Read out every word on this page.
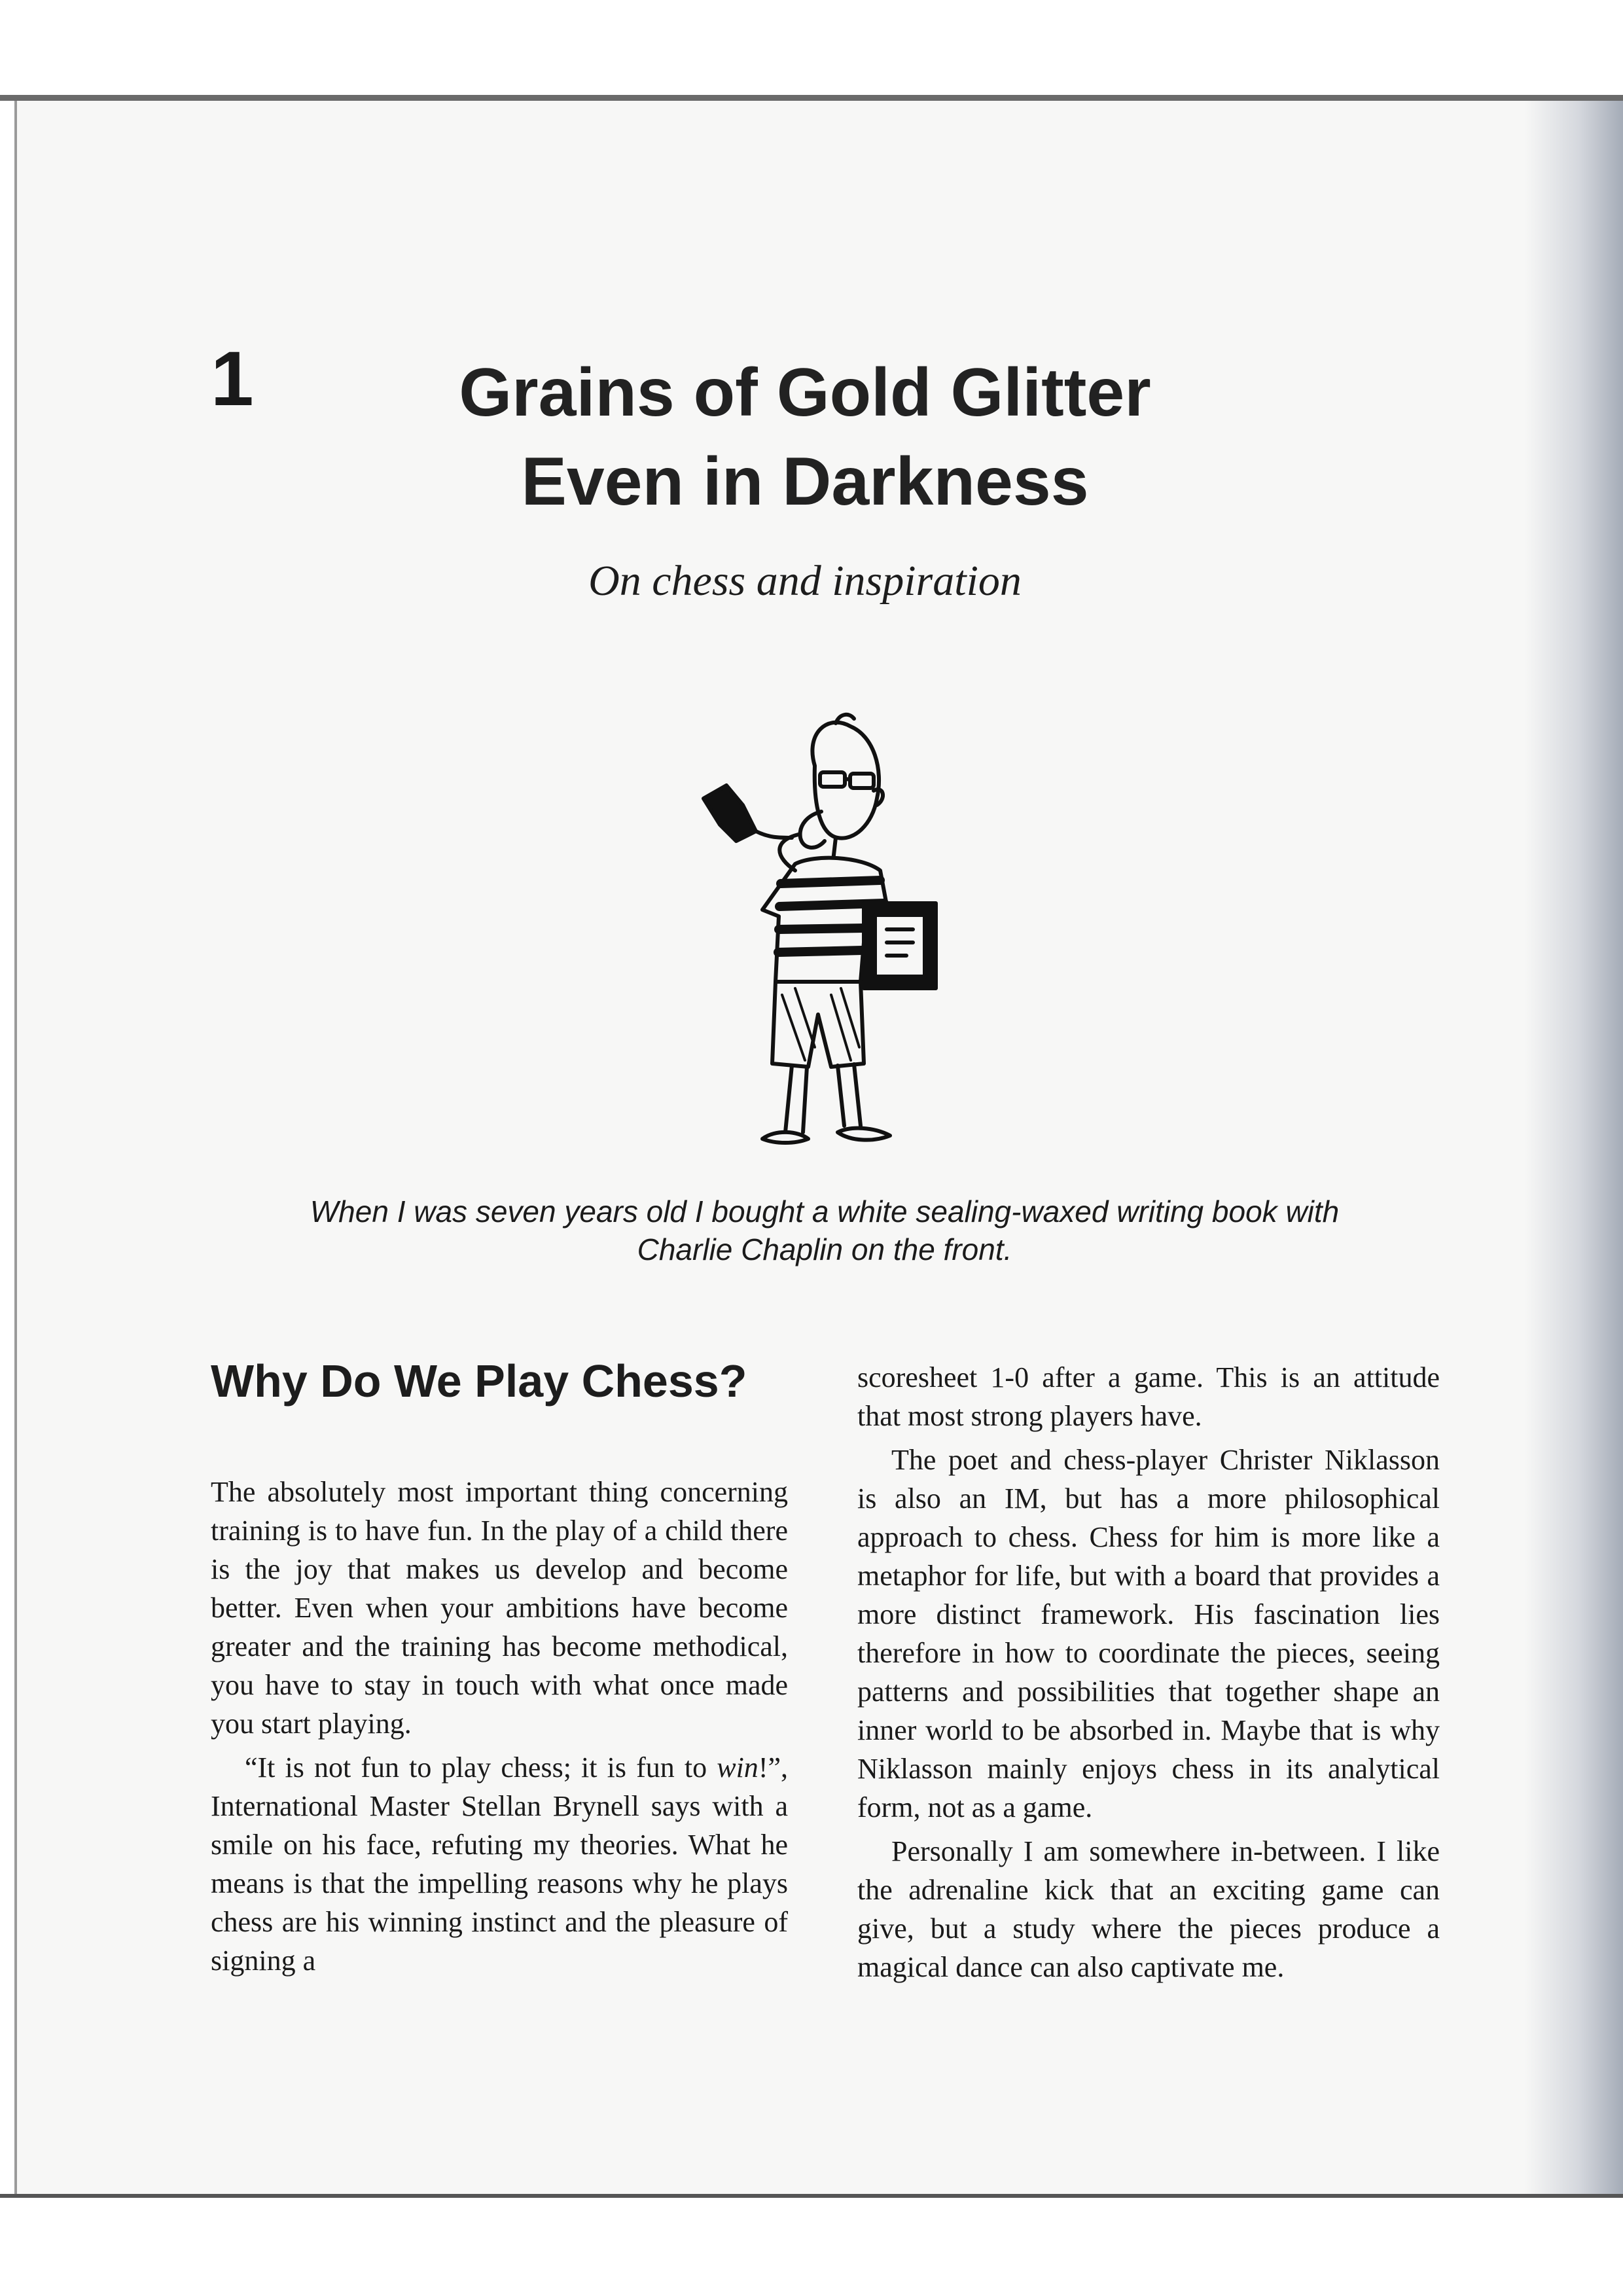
1	Grains of Gold Glitter
Even in Darkness
On chess and inspiration
When I was seven years old I bought a white sealing-waxed writing book with
Charlie Chaplin on the front.
Why Do We Play Chess?

The absolutely most important thing concerning training is to have fun. In the play of a child there is the joy that makes us develop and become better. Even when your ambitions have become greater and the training has become methodical, you have to stay in touch with what once made you start playing.

“It is not fun to play chess; it is fun to win!”, International Master Stellan Brynell says with a smile on his face, refuting my theories. What he means is that the impelling reasons why he plays chess are his winning instinct and the pleasure of signing a

scoresheet 1-0 after a game. This is an attitude that most strong players have.

The poet and chess-player Christer Niklasson is also an IM, but has a more philosophical approach to chess. Chess for him is more like a metaphor for life, but with a board that provides a more distinct framework. His fascination lies therefore in how to coordinate the pieces, seeing patterns and possibilities that together shape an inner world to be absorbed in. Maybe that is why Niklasson mainly enjoys chess in its analytical form, not as a game.

Personally I am somewhere in-between. I like the adrenaline kick that an exciting game can give, but a study where the pieces produce a magical dance can also captivate me.
